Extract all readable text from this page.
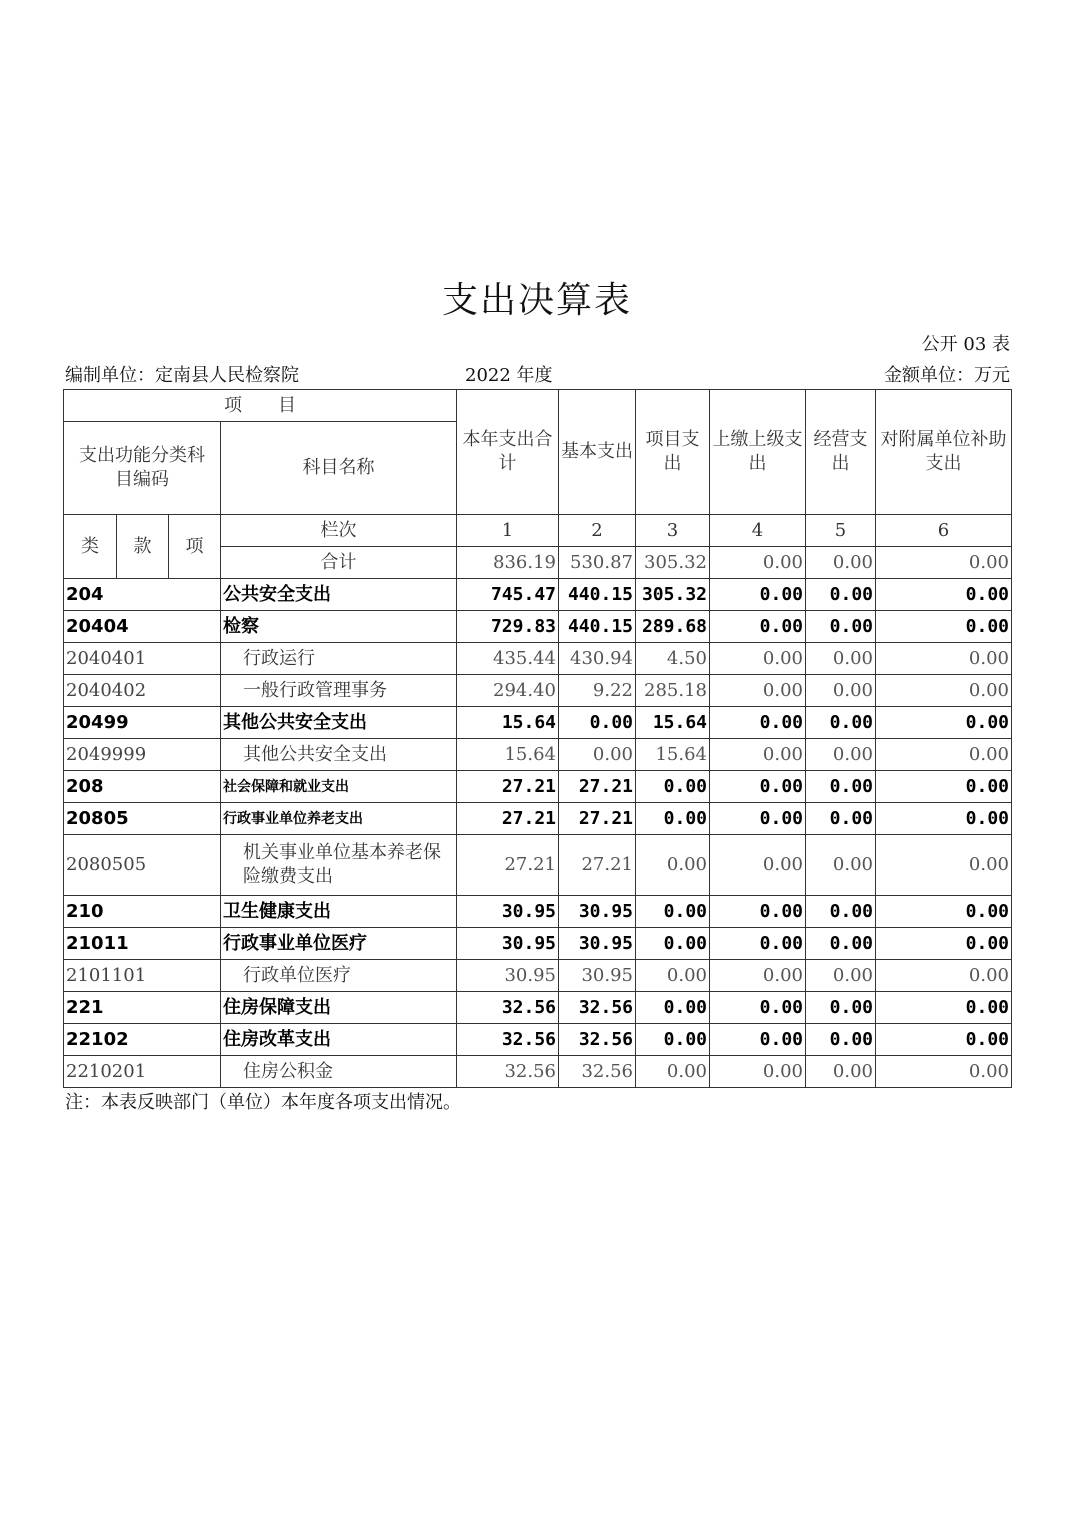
支出决算表
公开 03 表
编制单位：定南县人民检察院	2022 年度	金额单位：万元
项　　目				本年支出合计	基本支出	项目支出	上缴上级支出	经营支出	对附属单位补助支出
支出功能分类科目编码			科目名称						
类	款	项	栏次	1	2	3	4	5	6
			合计	836.19	530.87	305.32	0.00	0.00	0.00
204			公共安全支出	745.47	440.15	305.32	0.00	0.00	0.00
20404			检察	729.83	440.15	289.68	0.00	0.00	0.00
2040401			行政运行	435.44	430.94	4.50	0.00	0.00	0.00
2040402			一般行政管理事务	294.40	9.22	285.18	0.00	0.00	0.00
20499			其他公共安全支出	15.64	0.00	15.64	0.00	0.00	0.00
2049999			其他公共安全支出	15.64	0.00	15.64	0.00	0.00	0.00
208			社会保障和就业支出	27.21	27.21	0.00	0.00	0.00	0.00
20805			行政事业单位养老支出	27.21	27.21	0.00	0.00	0.00	0.00
2080505			机关事业单位基本养老保险缴费支出	27.21	27.21	0.00	0.00	0.00	0.00
210			卫生健康支出	30.95	30.95	0.00	0.00	0.00	0.00
21011			行政事业单位医疗	30.95	30.95	0.00	0.00	0.00	0.00
2101101			行政单位医疗	30.95	30.95	0.00	0.00	0.00	0.00
221			住房保障支出	32.56	32.56	0.00	0.00	0.00	0.00
22102			住房改革支出	32.56	32.56	0.00	0.00	0.00	0.00
2210201			住房公积金	32.56	32.56	0.00	0.00	0.00	0.00
注：本表反映部门（单位）本年度各项支出情况。
